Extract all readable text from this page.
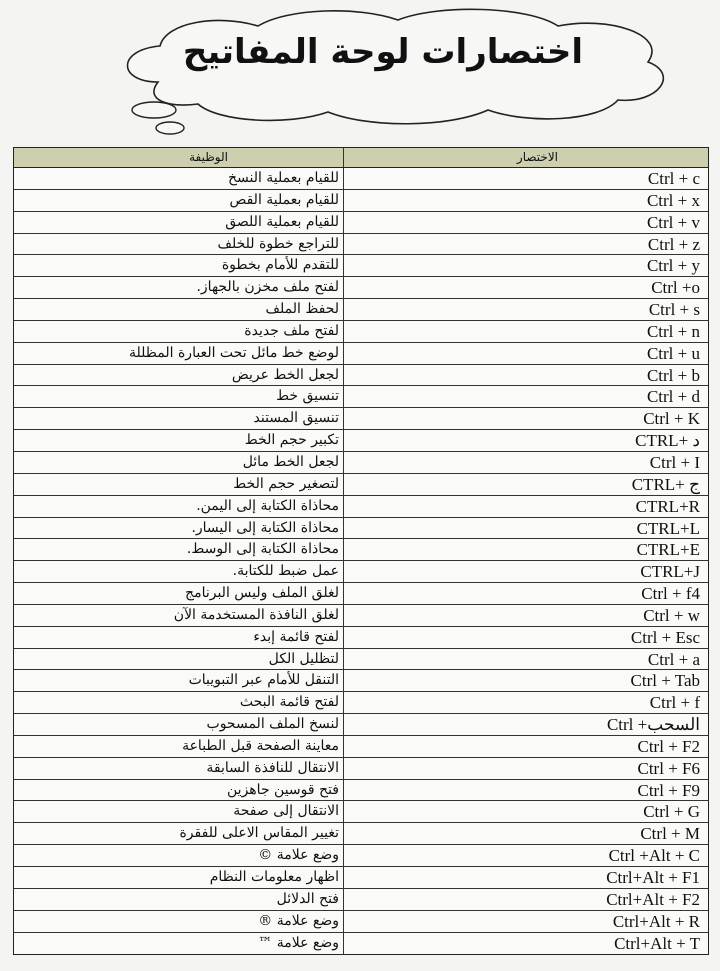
اختصارات لوحة المفاتيح
الوظيفة	الاختصار
للقيام بعملية النسخ	Ctrl + c
للقيام بعملية القص	Ctrl + x
للقيام بعملية اللصق	Ctrl + v
للتراجع خطوة للخلف	Ctrl + z
للتقدم للأمام بخطوة	Ctrl + y
لفتح ملف مخزن بالجهاز.	Ctrl +o
لحفظ الملف	Ctrl + s
لفتح ملف جديدة	Ctrl + n
لوضع خط مائل تحت العبارة المظللة	Ctrl + u
لجعل الخط عريض	Ctrl + b
تنسيق خط	Ctrl + d
تنسيق المستند	Ctrl + K
تكبير حجم الخط	CTRL+ د
لجعل الخط مائل	Ctrl + I
لتصغير حجم الخط	CTRL+ ج
محاذاة الكتابة إلى اليمن.	CTRL+R
محاذاة الكتابة إلى اليسار.	CTRL+L
محاذاة الكتابة إلى الوسط.	CTRL+E
عمل ضبط للكتابة.	CTRL+J
لغلق الملف وليس البرنامج	Ctrl + f4
لغلق النافذة المستخدمة الآن	Ctrl + w
لفتح قائمة إبدء	Ctrl + Esc
لتظليل الكل	Ctrl + a
التنقل للأمام عبر التبويبات	Ctrl + Tab
لفتح قائمة البحث	Ctrl + f
لنسخ الملف المسحوب	Ctrl +السحب
معاينة الصفحة قبل الطباعة	Ctrl + F2
الانتقال للنافذة السابقة	Ctrl + F6
فتح قوسين جاهزين	Ctrl + F9
الانتقال إلى صفحة	Ctrl + G
تغيير المقاس الاعلى للفقرة	Ctrl + M
وضع علامة ©	Ctrl +Alt + C
اظهار معلومات النظام	Ctrl+Alt + F1
فتح الدلائل	Ctrl+Alt + F2
وضع علامة ®	Ctrl+Alt + R
وضع علامة ™	Ctrl+Alt + T
